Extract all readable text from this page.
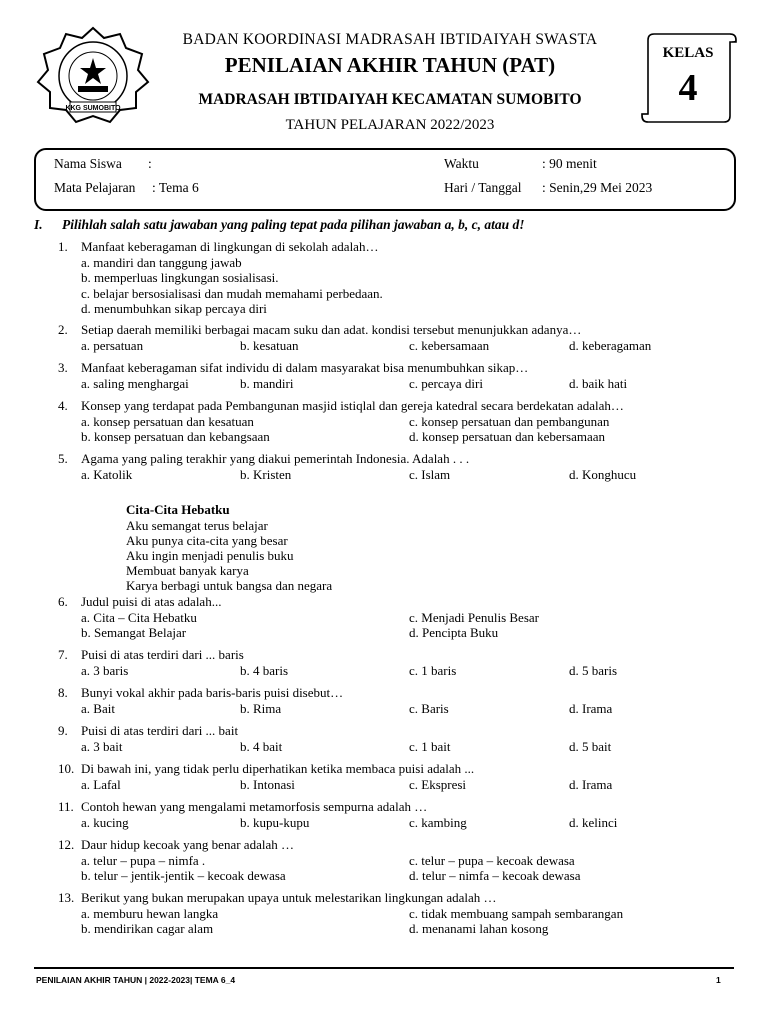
KKG SUMOBITO
BADAN KOORDINASI MADRASAH IBTIDAIYAH SWASTA
PENILAIAN AKHIR TAHUN (PAT)
MADRASAH IBTIDAIYAH KECAMATAN SUMOBITO
TAHUN PELAJARAN 2022/2023
KELAS
4
Nama Siswa :
Mata Pelajaran : Tema 6
Waktu	: 90 menit
Hari / Tanggal : Senin,29 Mei 2023
I. Pilihlah salah satu jawaban yang paling tepat pada pilihan jawaban a, b, c, atau d!
1. Manfaat keberagaman di lingkungan di sekolah adalah…
a. mandiri dan tanggung jawab
b. memperluas lingkungan sosialisasi.
c. belajar bersosialisasi dan mudah memahami perbedaan.
d. menumbuhkan sikap percaya diri
2. Setiap daerah memiliki berbagai macam suku dan adat. kondisi tersebut menunjukkan adanya…
a. persatuan	b. kesatuan	c. kebersamaan	d. keberagaman
3. Manfaat keberagaman sifat individu di dalam masyarakat bisa menumbuhkan sikap…
a. saling menghargai	b. mandiri	c. percaya diri	d. baik hati
4. Konsep yang terdapat pada Pembangunan masjid istiqlal dan gereja katedral secara berdekatan adalah…
a. konsep persatuan dan kesatuan	c. konsep persatuan dan pembangunan
b. konsep persatuan dan kebangsaan	d. konsep persatuan dan kebersamaan
5. Agama yang paling terakhir yang diakui pemerintah Indonesia. Adalah . . .
a. Katolik	b. Kristen	c. Islam	d. Konghucu
6. Judul puisi di atas adalah...
a. Cita – Cita Hebatku	c. Menjadi Penulis Besar
b. Semangat Belajar	d. Pencipta Buku
7. Puisi di atas terdiri dari ... baris
a. 3 baris	b. 4 baris	c. 1 baris	d. 5 baris
8. Bunyi vokal akhir pada baris-baris puisi disebut…
a. Bait	b. Rima	c. Baris	d. Irama
9. Puisi di atas terdiri dari ... bait
a. 3 bait	b. 4 bait	c. 1 bait	d. 5 bait
10. Di bawah ini, yang tidak perlu diperhatikan ketika membaca puisi adalah ...
a. Lafal	b. Intonasi	c. Ekspresi	d. Irama
11. Contoh hewan yang mengalami metamorfosis sempurna adalah …
a. kucing	b. kupu-kupu	c. kambing	d. kelinci
12. Daur hidup kecoak yang benar adalah …
a. telur – pupa – nimfa .	c. telur – pupa – kecoak dewasa
b. telur – jentik-jentik – kecoak dewasa	d. telur – nimfa – kecoak dewasa
13. Berikut yang bukan merupakan upaya untuk melestarikan lingkungan adalah …
a. memburu hewan langka	c. tidak membuang sampah sembarangan
b. mendirikan cagar alam	d. menanami lahan kosong
Cita-Cita Hebatku
Aku semangat terus belajar
Aku punya cita-cita yang besar
Aku ingin menjadi penulis buku
Membuat banyak karya
Karya berbagi untuk bangsa dan negara
PENILAIAN AKHIR TAHUN | 2022-2023| TEMA 6_4	1
